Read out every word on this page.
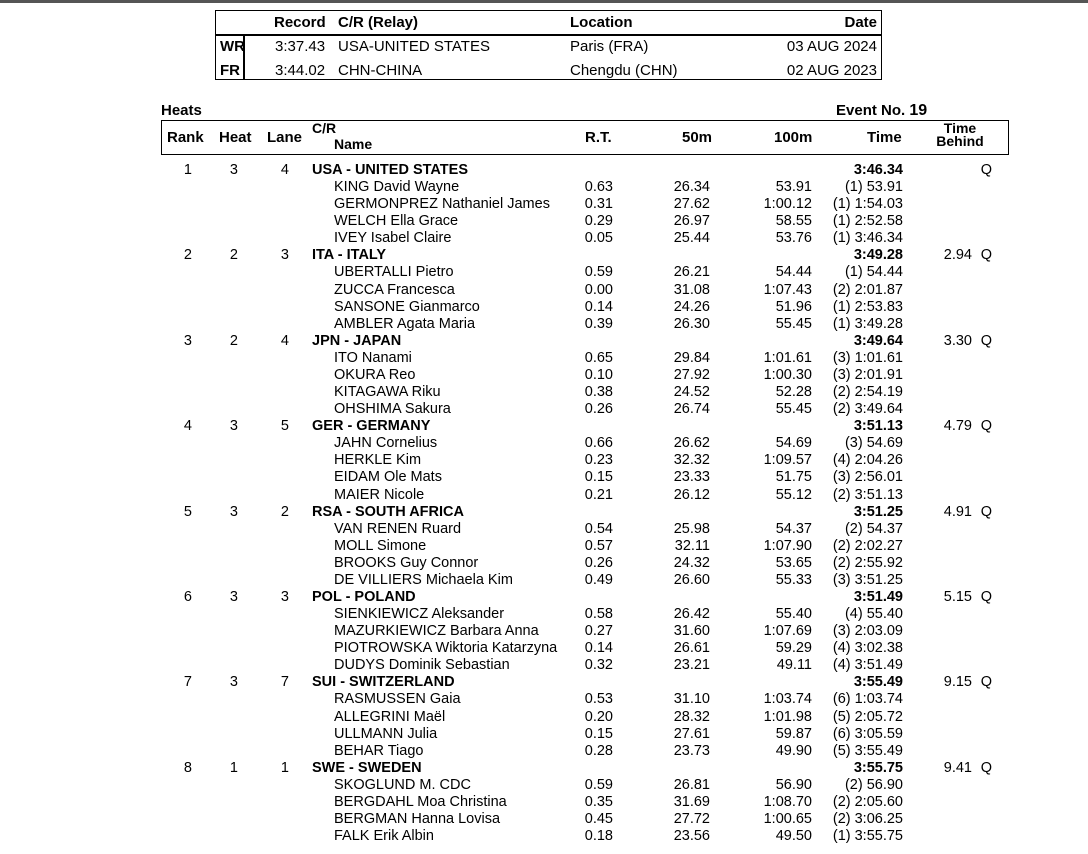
Record C/R (Relay)	Location	Date
WR 3:37.43 USA-UNITED STATES	Paris (FRA)	03 AUG 2024
FR 3:44.02 CHN-CHINA	Chengdu (CHN)	02 AUG 2023
Heats	Event No. 19
Rank Heat Lane
C/R
Name	R.T.	50m	100m	Time
Time
Behind
1	3	4 USA - UNITED STATES	3:46.34	Q
KING David Wayne	0.63	26.34	53.91 (1) 53.91
GERMONPREZ Nathaniel James 0.31	27.62	1:00.12 (1) 1:54.03
WELCH Ella Grace	0.29	26.97	58.55 (1) 2:52.58
IVEY Isabel Claire	0.05	25.44	53.76 (1) 3:46.34
2	2	3 ITA - ITALY	3:49.28	2.94 Q
UBERTALLI Pietro	0.59	26.21	54.44 (1) 54.44
ZUCCA Francesca	0.00	31.08	1:07.43 (2) 2:01.87
SANSONE Gianmarco	0.14	24.26	51.96 (1) 2:53.83
AMBLER Agata Maria	0.39	26.30	55.45 (1) 3:49.28
3	2	4 JPN - JAPAN	3:49.64	3.30 Q
ITO Nanami	0.65	29.84	1:01.61 (3) 1:01.61
OKURA Reo	0.10	27.92	1:00.30 (3) 2:01.91
KITAGAWA Riku	0.38	24.52	52.28 (2) 2:54.19
OHSHIMA Sakura	0.26	26.74	55.45 (2) 3:49.64
4	3	5 GER - GERMANY	3:51.13	4.79 Q
JAHN Cornelius	0.66	26.62	54.69 (3) 54.69
HERKLE Kim	0.23	32.32	1:09.57 (4) 2:04.26
EIDAM Ole Mats	0.15	23.33	51.75 (3) 2:56.01
MAIER Nicole	0.21	26.12	55.12 (2) 3:51.13
5	3	2 RSA - SOUTH AFRICA	3:51.25	4.91 Q
VAN RENEN Ruard	0.54	25.98	54.37 (2) 54.37
MOLL Simone	0.57	32.11	1:07.90 (2) 2:02.27
BROOKS Guy Connor	0.26	24.32	53.65 (2) 2:55.92
DE VILLIERS Michaela Kim	0.49	26.60	55.33 (3) 3:51.25
6	3	3 POL - POLAND	3:51.49	5.15 Q
SIENKIEWICZ Aleksander	0.58	26.42	55.40 (4) 55.40
MAZURKIEWICZ Barbara Anna	0.27	31.60	1:07.69 (3) 2:03.09
PIOTROWSKA Wiktoria Katarzyna 0.14	26.61	59.29 (4) 3:02.38
DUDYS Dominik Sebastian	0.32	23.21	49.11 (4) 3:51.49
7	3	7 SUI - SWITZERLAND	3:55.49	9.15 Q
RASMUSSEN Gaia	0.53	31.10	1:03.74 (6) 1:03.74
ALLEGRINI Maël	0.20	28.32	1:01.98 (5) 2:05.72
ULLMANN Julia	0.15	27.61	59.87 (6) 3:05.59
BEHAR Tiago	0.28	23.73	49.90 (5) 3:55.49
8	1	1 SWE - SWEDEN	3:55.75	9.41 Q
SKOGLUND M. CDC	0.59	26.81	56.90 (2) 56.90
BERGDAHL Moa Christina	0.35	31.69	1:08.70 (2) 2:05.60
BERGMAN Hanna Lovisa	0.45	27.72	1:00.65 (2) 3:06.25
FALK Erik Albin	0.18	23.56	49.50 (1) 3:55.75
